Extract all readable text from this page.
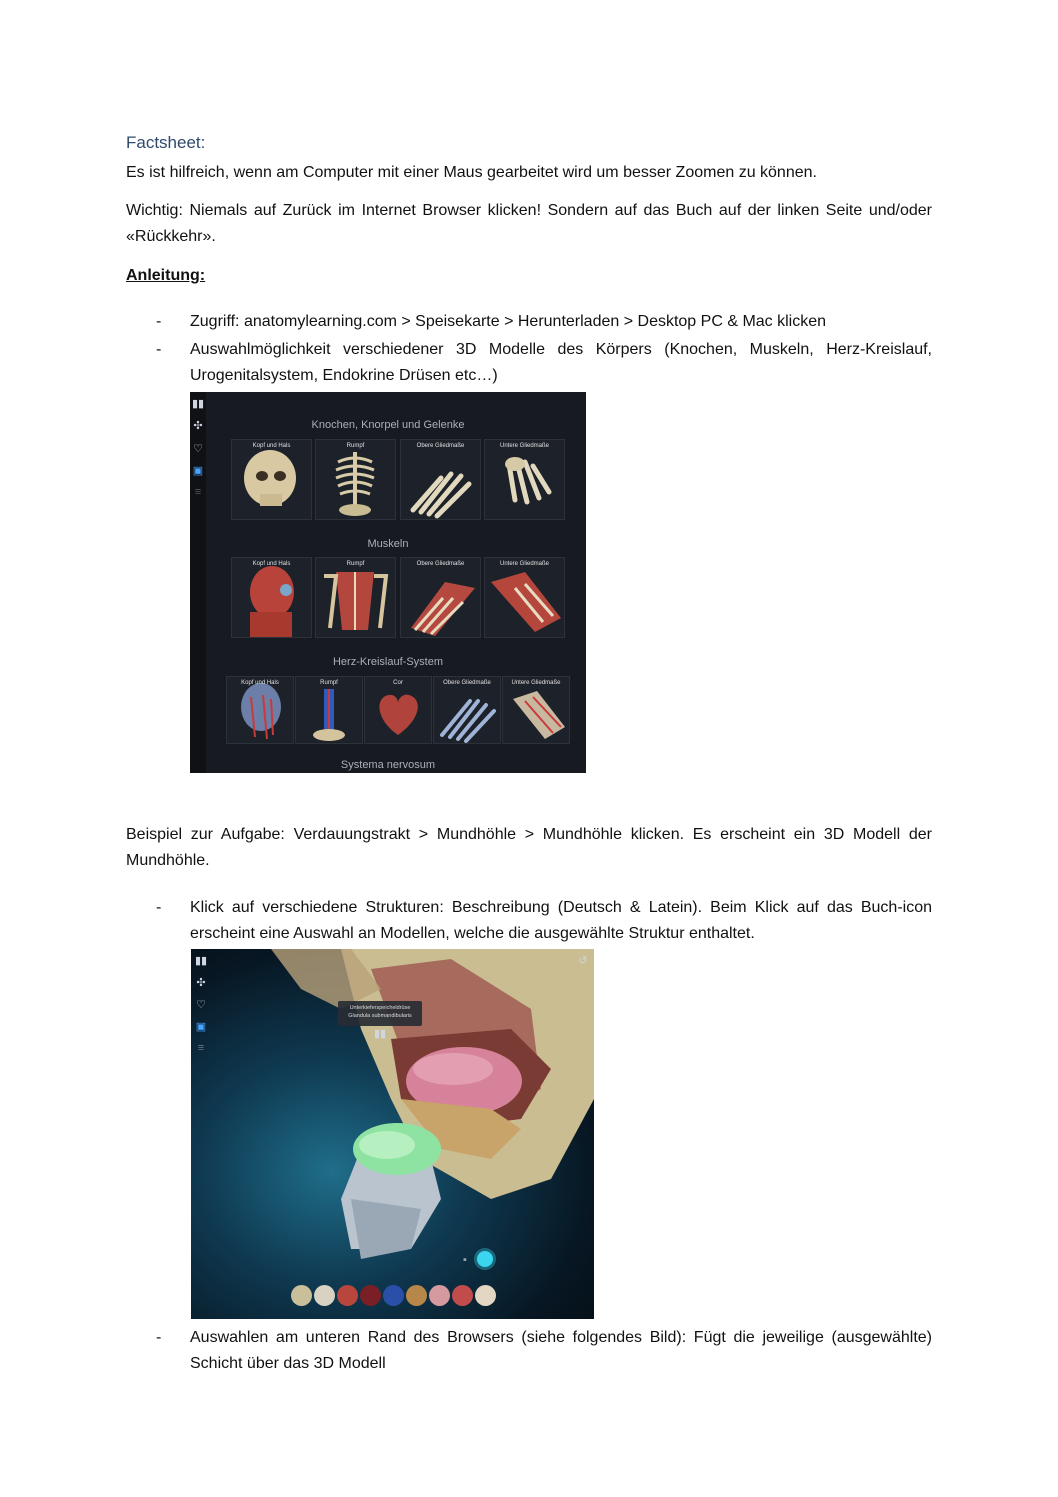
Factsheet:
Es ist hilfreich, wenn am Computer mit einer Maus gearbeitet wird um besser Zoomen zu können.
Wichtig: Niemals auf Zurück im Internet Browser klicken! Sondern auf das Buch auf der linken Seite und/oder «Rückkehr».
Anleitung:
- Zugriff: anatomylearning.com > Speisekarte > Herunterladen > Desktop PC & Mac klicken
- Auswahlmöglichkeit verschiedener 3D Modelle des Körpers (Knochen, Muskeln, Herz-Kreislauf, Urogenitalsystem, Endokrine Drüsen etc…)
▮▮
✣
♡
▣
≡
Knochen, Knorpel und Gelenke
Kopf und Hals	Rumpf	Obere Gliedmaße	Untere Gliedmaße
Muskeln
Kopf und Hals	Rumpf	Obere Gliedmaße	Untere Gliedmaße
Herz-Kreislauf-System
Kopf und Hals	Rumpf	Cor	Obere Gliedmaße	Untere Gliedmaße
Systema nervosum
Beispiel zur Aufgabe: Verdauungstrakt > Mundhöhle > Mundhöhle klicken. Es erscheint ein 3D Modell der Mundhöhle.
- Klick auf verschiedene Strukturen: Beschreibung (Deutsch & Latein). Beim Klick auf das Buch-icon erscheint eine Auswahl an Modellen, welche die ausgewählte Struktur enthaltet.
▮▮
✣
♡
▣
≡
↺
Unterkieferspeicheldrüse
Glandula submandibularis
▮▮
▪
- Auswahlen am unteren Rand des Browsers (siehe folgendes Bild): Fügt die jeweilige (ausgewählte) Schicht über das 3D Modell
